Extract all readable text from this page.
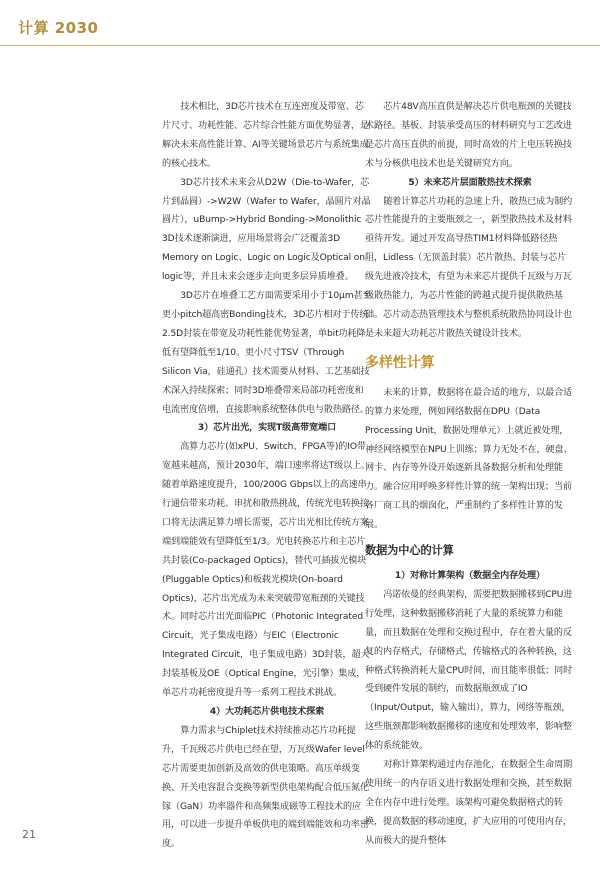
计算 2030

技术相比，3D芯片技术在互连密度及带宽、芯片尺寸、功耗性能、芯片综合性能方面优势显著，是解决未来高性能计算、AI等关键场景芯片与系统集成的核心技术。

3D芯片技术未来会从D2W（Die-to-Wafer，芯片到晶圆）->W2W（Wafer to Wafer，晶圆片对晶圆片），uBump->Hybrid Bonding->Monolithic 3D技术逐渐演进，应用场景将会广泛覆盖3D Memory on Logic、Logic on Logic及Optical on logic等，并且未来会逐步走向更多层异质堆叠。

3D芯片在堆叠工艺方面需要采用小于10μm甚至更小pitch超高密Bonding技术，3D芯片相对于传统2.5D封装在带宽及功耗性能优势显著，单bit功耗降低有望降低至1/10。更小尺寸TSV（Through Silicon Via，硅通孔）技术需要从材料、工艺基础技术深入持续探索；同时3D堆叠带来局部功耗密度和电流密度倍增，直接影响系统整体供电与散热路径。

3）芯片出光，实现T级高带宽端口

高算力芯片(如xPU、Switch、FPGA等)的IO带宽越来越高，预计2030年，端口速率将达T级以上。随着单路速度提升，100/200G Gbps以上的高速串行通信带来功耗、串扰和散热挑战，传统光电转换接口将无法满足算力增长需要，芯片出光相比传统方案端到端能效有望降低至1/3。光电转换芯片和主芯片共封装(Co-packaged Optics)，替代可插拔光模块(Pluggable Optics)和板载光模块(On-board Optics)，芯片出光成为未来突破带宽瓶颈的关键技术。同时芯片出光面临PIC（Photonic Integrated Circuit，光子集成电路）与EIC（Electronic Integrated Circuit，电子集成电路）3D封装，超大封装基板及OE（Optical Engine，光引擎）集成，单芯片功耗密度提升等一系列工程技术挑战。

4）大功耗芯片供电技术探索

算力需求与Chiplet技术持续推动芯片功耗提升，千瓦级芯片供电已经在望，万瓦级Wafer level芯片需要更加创新及高效的供电策略。高压单级变换、开关电容混合变换等新型供电架构配合低压氮化镓（GaN）功率器件和高频集成磁等工程技术的应用，可以进一步提升单板供电的端到端能效和功率密度。

芯片48V高压直供是解决芯片供电瓶颈的关键技术路径。基板、封装承受高压的材料研究与工艺改进是芯片高压直供的前提，同时高效的片上电压转换技术与分核供电技术也是关键研究方向。

5）未来芯片层面散热技术探索

随着计算芯片功耗的急速上升，散热已成为制约芯片性能提升的主要瓶颈之一，新型散热技术及材料亟待开发。通过开发高导热TIM1材料降低路径热阻，Lidless（无顶盖封装）芯片散热、封装与芯片级先进液冷技术，有望为未来芯片提供千瓦级与万瓦级散热能力，为芯片性能的跨越式提升提供散热基础。芯片动态热管理技术与整机系统散热协同设计也是未来超大功耗芯片散热关键设计技术。

多样性计算

未来的计算，数据将在最合适的地方，以最合适的算力来处理，例如网络数据在DPU（Data Processing Unit，数据处理单元）上就近被处理，神经网络模型在NPU上训练；算力无处不在，硬盘、网卡、内存等外设开始逐新具备数据分析和处理能力。融合应用呼唤多样性计算的统一架构出现；当前各厂商工具的烟囱化，严重制约了多样性计算的发展。

数据为中心的计算

1）对称计算架构（数据全内存处理）

冯诺依曼的经典架构，需要把数据搬移到CPU进行处理，这种数据搬移消耗了大量的系统算力和能量，而且数据在处理和交换过程中，存在着大量的反复的内存格式，存储格式，传输格式的各种转换，这种格式转换消耗大量CPU时间，而且能率很低；同时受到硬件发展的制约，而数据瓶颈成了IO（Input/Output，输入输出），算力，网络等瓶颈，这些瓶颈都影响数据搬移的速度和处理效率，影响整体的系统能效。

对称计算架构通过内存池化，在数据全生命周期使用统一的内存语义进行数据处理和交换，甚至数据全在内存中进行处理。该架构可避免数据格式的转换，提高数据的移动速度，扩大应用的可使用内存，从而极大的提升整体

21
